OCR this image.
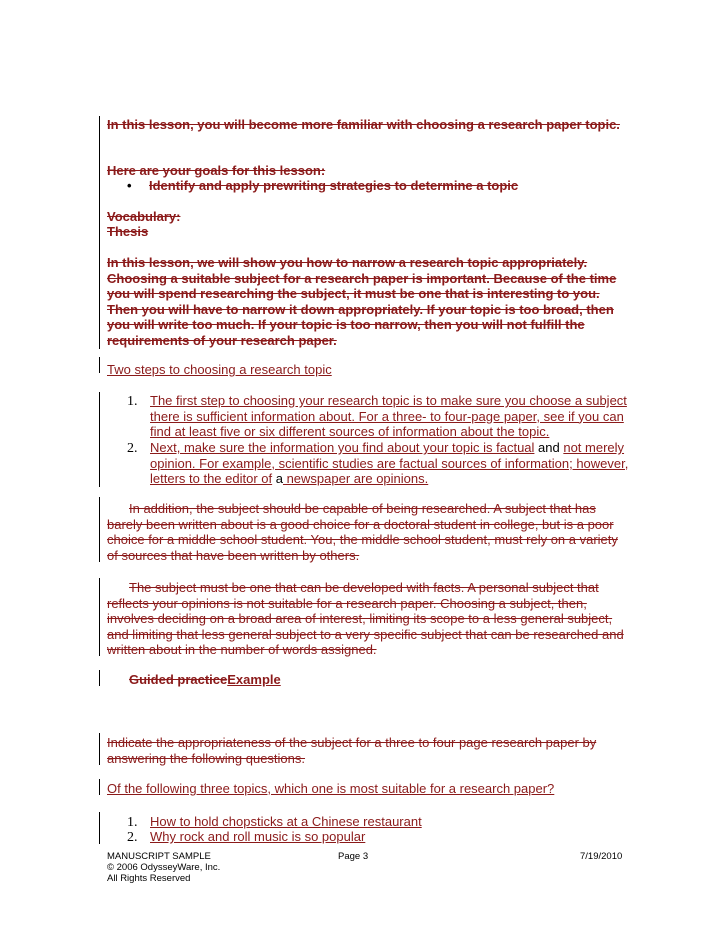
In this lesson, you will become more familiar with choosing a research paper topic.
Here are your goals for this lesson:
• Identify and apply prewriting strategies to determine a topic
Vocabulary:
Thesis
In this lesson, we will show you how to narrow a research topic appropriately. Choosing a suitable subject for a research paper is important. Because of the time you will spend researching the subject, it must be one that is interesting to you. Then you will have to narrow it down appropriately. If your topic is too broad, then you will write too much. If your topic is too narrow, then you will not fulfill the requirements of your research paper.
Two steps to choosing a research topic
1. The first step to choosing your research topic is to make sure you choose a subject there is sufficient information about. For a three- to four-page paper, see if you can find at least five or six different sources of information about the topic.
2. Next, make sure the information you find about your topic is factual and not merely opinion. For example, scientific studies are factual sources of information; however, letters to the editor of a newspaper are opinions.
In addition, the subject should be capable of being researched. A subject that has barely been written about is a good choice for a doctoral student in college, but is a poor choice for a middle school student. You, the middle school student, must rely on a variety of sources that have been written by others.
The subject must be one that can be developed with facts. A personal subject that reflects your opinions is not suitable for a research paper. Choosing a subject, then, involves deciding on a broad area of interest, limiting its scope to a less general subject, and limiting that less general subject to a very specific subject that can be researched and written about in the number of words assigned.
Guided practiceExample
Indicate the appropriateness of the subject for a three to four page research paper by answering the following questions.
Of the following three topics, which one is most suitable for a research paper?
1. How to hold chopsticks at a Chinese restaurant
2. Why rock and roll music is so popular
MANUSCRIPT SAMPLE
© 2006 OdysseyWare, Inc.
All Rights Reserved
Page 3	7/19/2010
